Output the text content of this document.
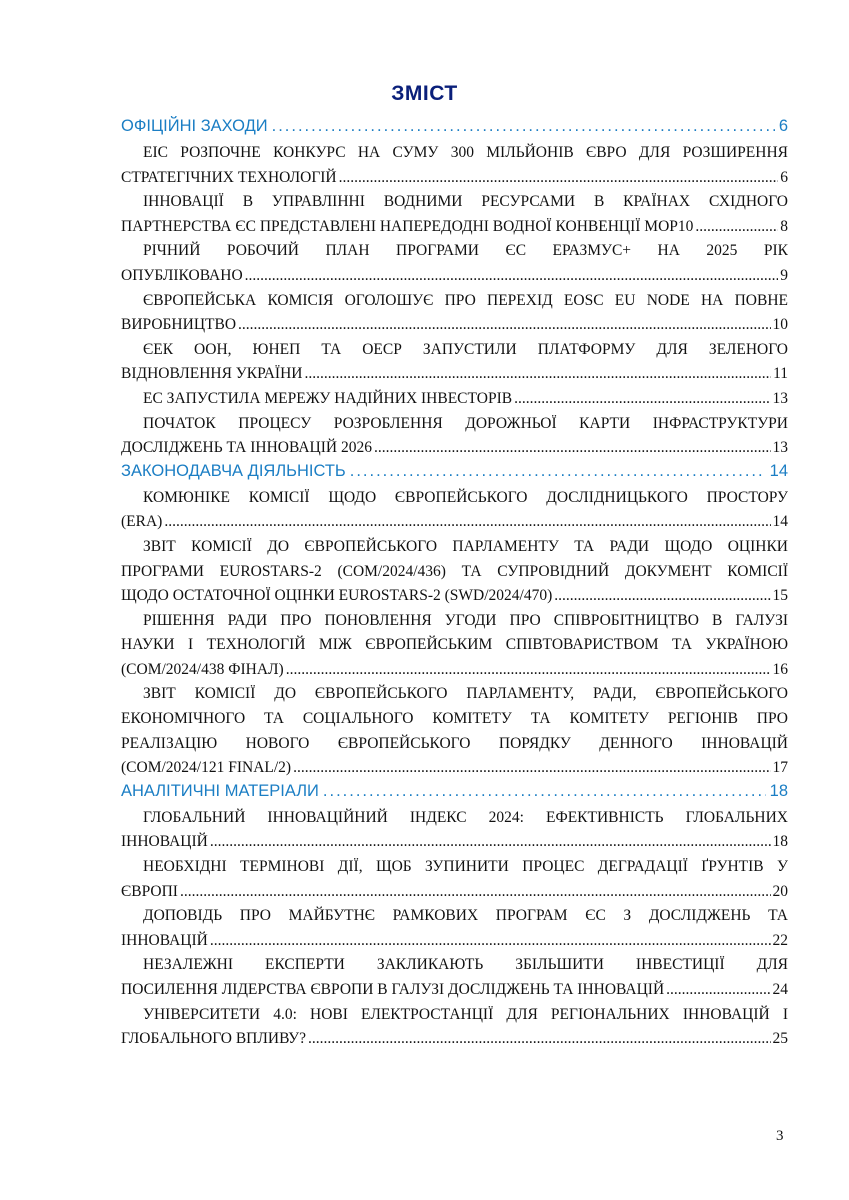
ЗМІСТ
ОФІЦІЙНІ ЗАХОДИ .....	6
ЕІС РОЗПОЧНЕ КОНКУРС НА СУМУ 300 МІЛЬЙОНІВ ЄВРО ДЛЯ РОЗШИРЕННЯ
СТРАТЕГІЧНИХ ТЕХНОЛОГІЙ .....	6
ІННОВАЦІЇ В УПРАВЛІННІ ВОДНИМИ РЕСУРСАМИ В КРАЇНАХ СХІДНОГО
ПАРТНЕРСТВА ЄС ПРЕДСТАВЛЕНІ НАПЕРЕДОДНІ ВОДНОЇ КОНВЕНЦІЇ МОР10 .....	8
РІЧНИЙ РОБОЧИЙ ПЛАН ПРОГРАМИ ЄС ЕРАЗМУС+ НА 2025 РІК
ОПУБЛІКОВАНО .....	9
ЄВРОПЕЙСЬКА КОМІСІЯ ОГОЛОШУЄ ПРО ПЕРЕХІД EOSC EU NODE НА ПОВНЕ
ВИРОБНИЦТВО .....	10
ЄЕК ООН, ЮНЕП ТА ОЕСР ЗАПУСТИЛИ ПЛАТФОРМУ ДЛЯ ЗЕЛЕНОГО
ВІДНОВЛЕННЯ УКРАЇНИ .....	11
ЕС ЗАПУСТИЛА МЕРЕЖУ НАДІЙНИХ ІНВЕСТОРІВ .....	13
ПОЧАТОК ПРОЦЕСУ РОЗРОБЛЕННЯ ДОРОЖНЬОЇ КАРТИ ІНФРАСТРУКТУРИ
ДОСЛІДЖЕНЬ ТА ІННОВАЦІЙ 2026 .....	13
ЗАКОНОДАВЧА ДІЯЛЬНІСТЬ .....	14
КОМЮНІКЕ КОМІСІЇ ЩОДО ЄВРОПЕЙСЬКОГО ДОСЛІДНИЦЬКОГО ПРОСТОРУ
(ERA) .....	14
ЗВІТ КОМІСІЇ ДО ЄВРОПЕЙСЬКОГО ПАРЛАМЕНТУ ТА РАДИ ЩОДО ОЦІНКИ
ПРОГРАМИ EUROSTARS-2 (COM/2024/436) ТА СУПРОВІДНИЙ ДОКУМЕНТ КОМІСІЇ
ЩОДО ОСТАТОЧНОЇ ОЦІНКИ EUROSTARS-2 (SWD/2024/470) .....	15
РІШЕННЯ РАДИ ПРО ПОНОВЛЕННЯ УГОДИ ПРО СПІВРОБІТНИЦТВО В ГАЛУЗІ
НАУКИ І ТЕХНОЛОГІЙ МІЖ ЄВРОПЕЙСЬКИМ СПІВТОВАРИСТВОМ ТА УКРАЇНОЮ
(COM/2024/438 ФІНАЛ) .....	16
ЗВІТ КОМІСІЇ ДО ЄВРОПЕЙСЬКОГО ПАРЛАМЕНТУ, РАДИ, ЄВРОПЕЙСЬКОГО
ЕКОНОМІЧНОГО ТА СОЦІАЛЬНОГО КОМІТЕТУ ТА КОМІТЕТУ РЕГІОНІВ ПРО
РЕАЛІЗАЦІЮ НОВОГО ЄВРОПЕЙСЬКОГО ПОРЯДКУ ДЕННОГО ІННОВАЦІЙ
(COM/2024/121 FINAL/2) .....	17
АНАЛІТИЧНІ МАТЕРІАЛИ .....	18
ГЛОБАЛЬНИЙ ІННОВАЦІЙНИЙ ІНДЕКС 2024: ЕФЕКТИВНІСТЬ ГЛОБАЛЬНИХ
ІННОВАЦІЙ .....	18
НЕОБХІДНІ ТЕРМІНОВІ ДІЇ, ЩОБ ЗУПИНИТИ ПРОЦЕС ДЕГРАДАЦІЇ ҐРУНТІВ У
ЄВРОПІ .....	20
ДОПОВІДЬ ПРО МАЙБУТНЄ РАМКОВИХ ПРОГРАМ ЄС З ДОСЛІДЖЕНЬ ТА
ІННОВАЦІЙ .....	22
НЕЗАЛЕЖНІ ЕКСПЕРТИ ЗАКЛИКАЮТЬ ЗБІЛЬШИТИ ІНВЕСТИЦІЇ ДЛЯ
ПОСИЛЕННЯ ЛІДЕРСТВА ЄВРОПИ В ГАЛУЗІ ДОСЛІДЖЕНЬ ТА ІННОВАЦІЙ .....	24
УНІВЕРСИТЕТИ 4.0: НОВІ ЕЛЕКТРОСТАНЦІЇ ДЛЯ РЕГІОНАЛЬНИХ ІННОВАЦІЙ І
ГЛОБАЛЬНОГО ВПЛИВУ? .....	25
3
